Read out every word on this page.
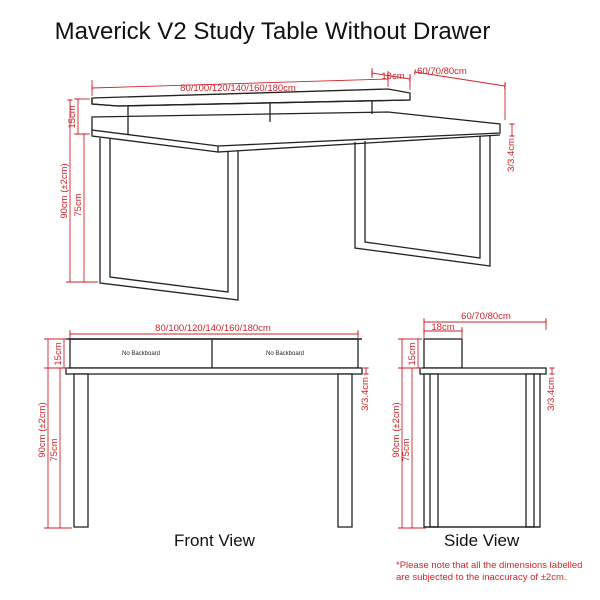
Maverick V2 Study Table Without Drawer
80/100/120/140/160/180cm
18cm 60/70/80cm
15cm
90cm (±2cm) 75cm
3/3.4cm
No Backboard	No Backboard
80/100/120/140/160/180cm
15cm
90cm (±2cm) 75cm
3/3.4cm
60/70/80cm
18cm
15cm
90cm (±2cm) 75cm
3/3.4cm
Front View	Side View
*Please note that all the dimensions labelled
are subjected to the inaccuracy of ±2cm.
